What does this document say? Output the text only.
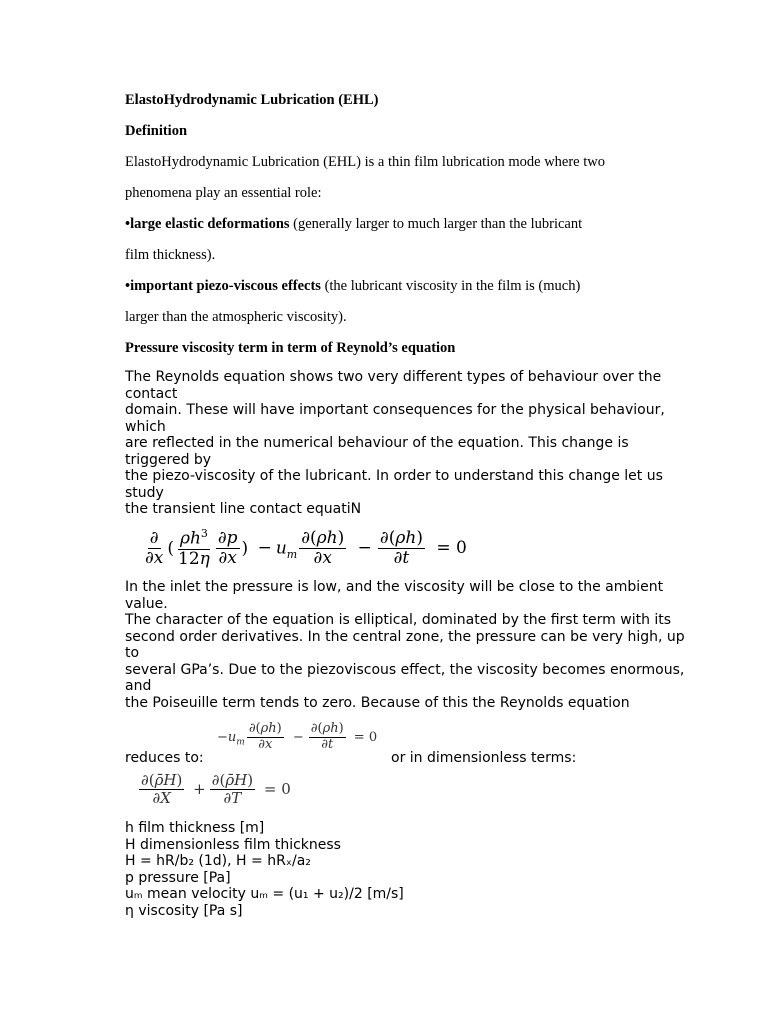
ElastoHydrodynamic Lubrication (EHL)
Definition
ElastoHydrodynamic Lubrication (EHL) is a thin film lubrication mode where two
phenomena play an essential role:
•large elastic deformations (generally larger to much larger than the lubricant
film thickness).
•important piezo-viscous effects (the lubricant viscosity in the film is (much)
larger than the atmospheric viscosity).
Pressure viscosity term in term of Reynold’s equation
The Reynolds equation shows two very different types of behaviour over the
contact
domain. These will have important consequences for the physical behaviour,
which
are reflected in the numerical behaviour of the equation. This change is
triggered by
the piezo-viscosity of the lubricant. In order to understand this change let us
study
the transient line contact equatiN
$\frac{\partial}{\partial x}$ ( $\frac{\rho h^3}{12\eta} \frac{\partial p}{\partial x}$ ) − $u_m \frac{\partial(\rho h)}{\partial x} - \frac{\partial(\rho h)}{\partial t} = 0$
In the inlet the pressure is low, and the viscosity will be close to the ambient
value.
The character of the equation is elliptical, dominated by the first term with its
second order derivatives. In the central zone, the pressure can be very high, up
to
several GPa’s. Due to the piezoviscous effect, the viscosity becomes enormous,
and
the Poiseuille term tends to zero. Because of this the Reynolds equation
reduces to:
$-u_m \frac{\partial(\rho h)}{\partial x} - \frac{\partial(\rho h)}{\partial t} = 0$
or in dimensionless terms:
$\frac{\partial(\rhōH)}{\partial X} + \frac{\partial(\rhōH)}{\partial T} = 0$
h film thickness [m]
H dimensionless film thickness
H = hR/b₂ (1d), H = hRₓ/a₂
p pressure [Pa]
uₘ mean velocity uₘ = (u₁ + u₂)/2 [m/s]
η viscosity [Pa s]
